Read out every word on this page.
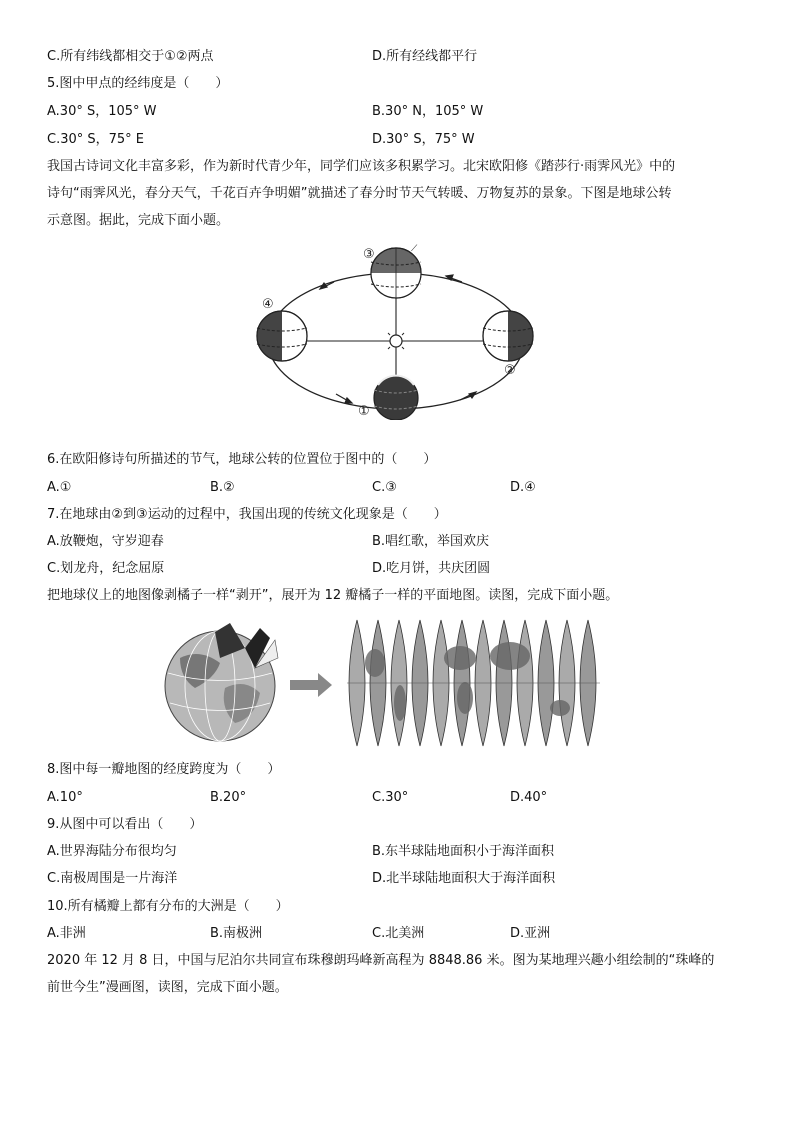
C.所有纬线都相交于①②两点	D.所有经线都平行
5.图中甲点的经纬度是（　　）
A.30° S，105° W	B.30° N，105° W
C.30° S，75° E	D.30° S，75° W
我国古诗词文化丰富多彩，作为新时代青少年，同学们应该多积累学习。北宋欧阳修《踏莎行·雨霁风光》中的
诗句“雨霁风光，春分天气，千花百卉争明媚”就描述了春分时节天气转暖、万物复苏的景象。下图是地球公转
示意图。据此，完成下面小题。
⟋
③
④
②
①
6.在欧阳修诗句所描述的节气，地球公转的位置位于图中的（　　）
A.①	B.②	C.③	D.④
7.在地球由②到③运动的过程中，我国出现的传统文化现象是（　　）
A.放鞭炮，守岁迎春	B.唱红歌，举国欢庆
C.划龙舟，纪念屈原	D.吃月饼，共庆团圆
把地球仪上的地图像剥橘子一样“剥开”，展开为 12 瓣橘子一样的平面地图。读图，完成下面小题。
8.图中每一瓣地图的经度跨度为（　　）
A.10°	B.20°	C.30°	D.40°
9.从图中可以看出（　　）
A.世界海陆分布很均匀	B.东半球陆地面积小于海洋面积
C.南极周围是一片海洋	D.北半球陆地面积大于海洋面积
10.所有橘瓣上都有分布的大洲是（　　）
A.非洲	B.南极洲	C.北美洲	D.亚洲
2020 年 12 月 8 日，中国与尼泊尔共同宣布珠穆朗玛峰新高程为 8848.86 米。图为某地理兴趣小组绘制的“珠峰的
前世今生”漫画图，读图，完成下面小题。
